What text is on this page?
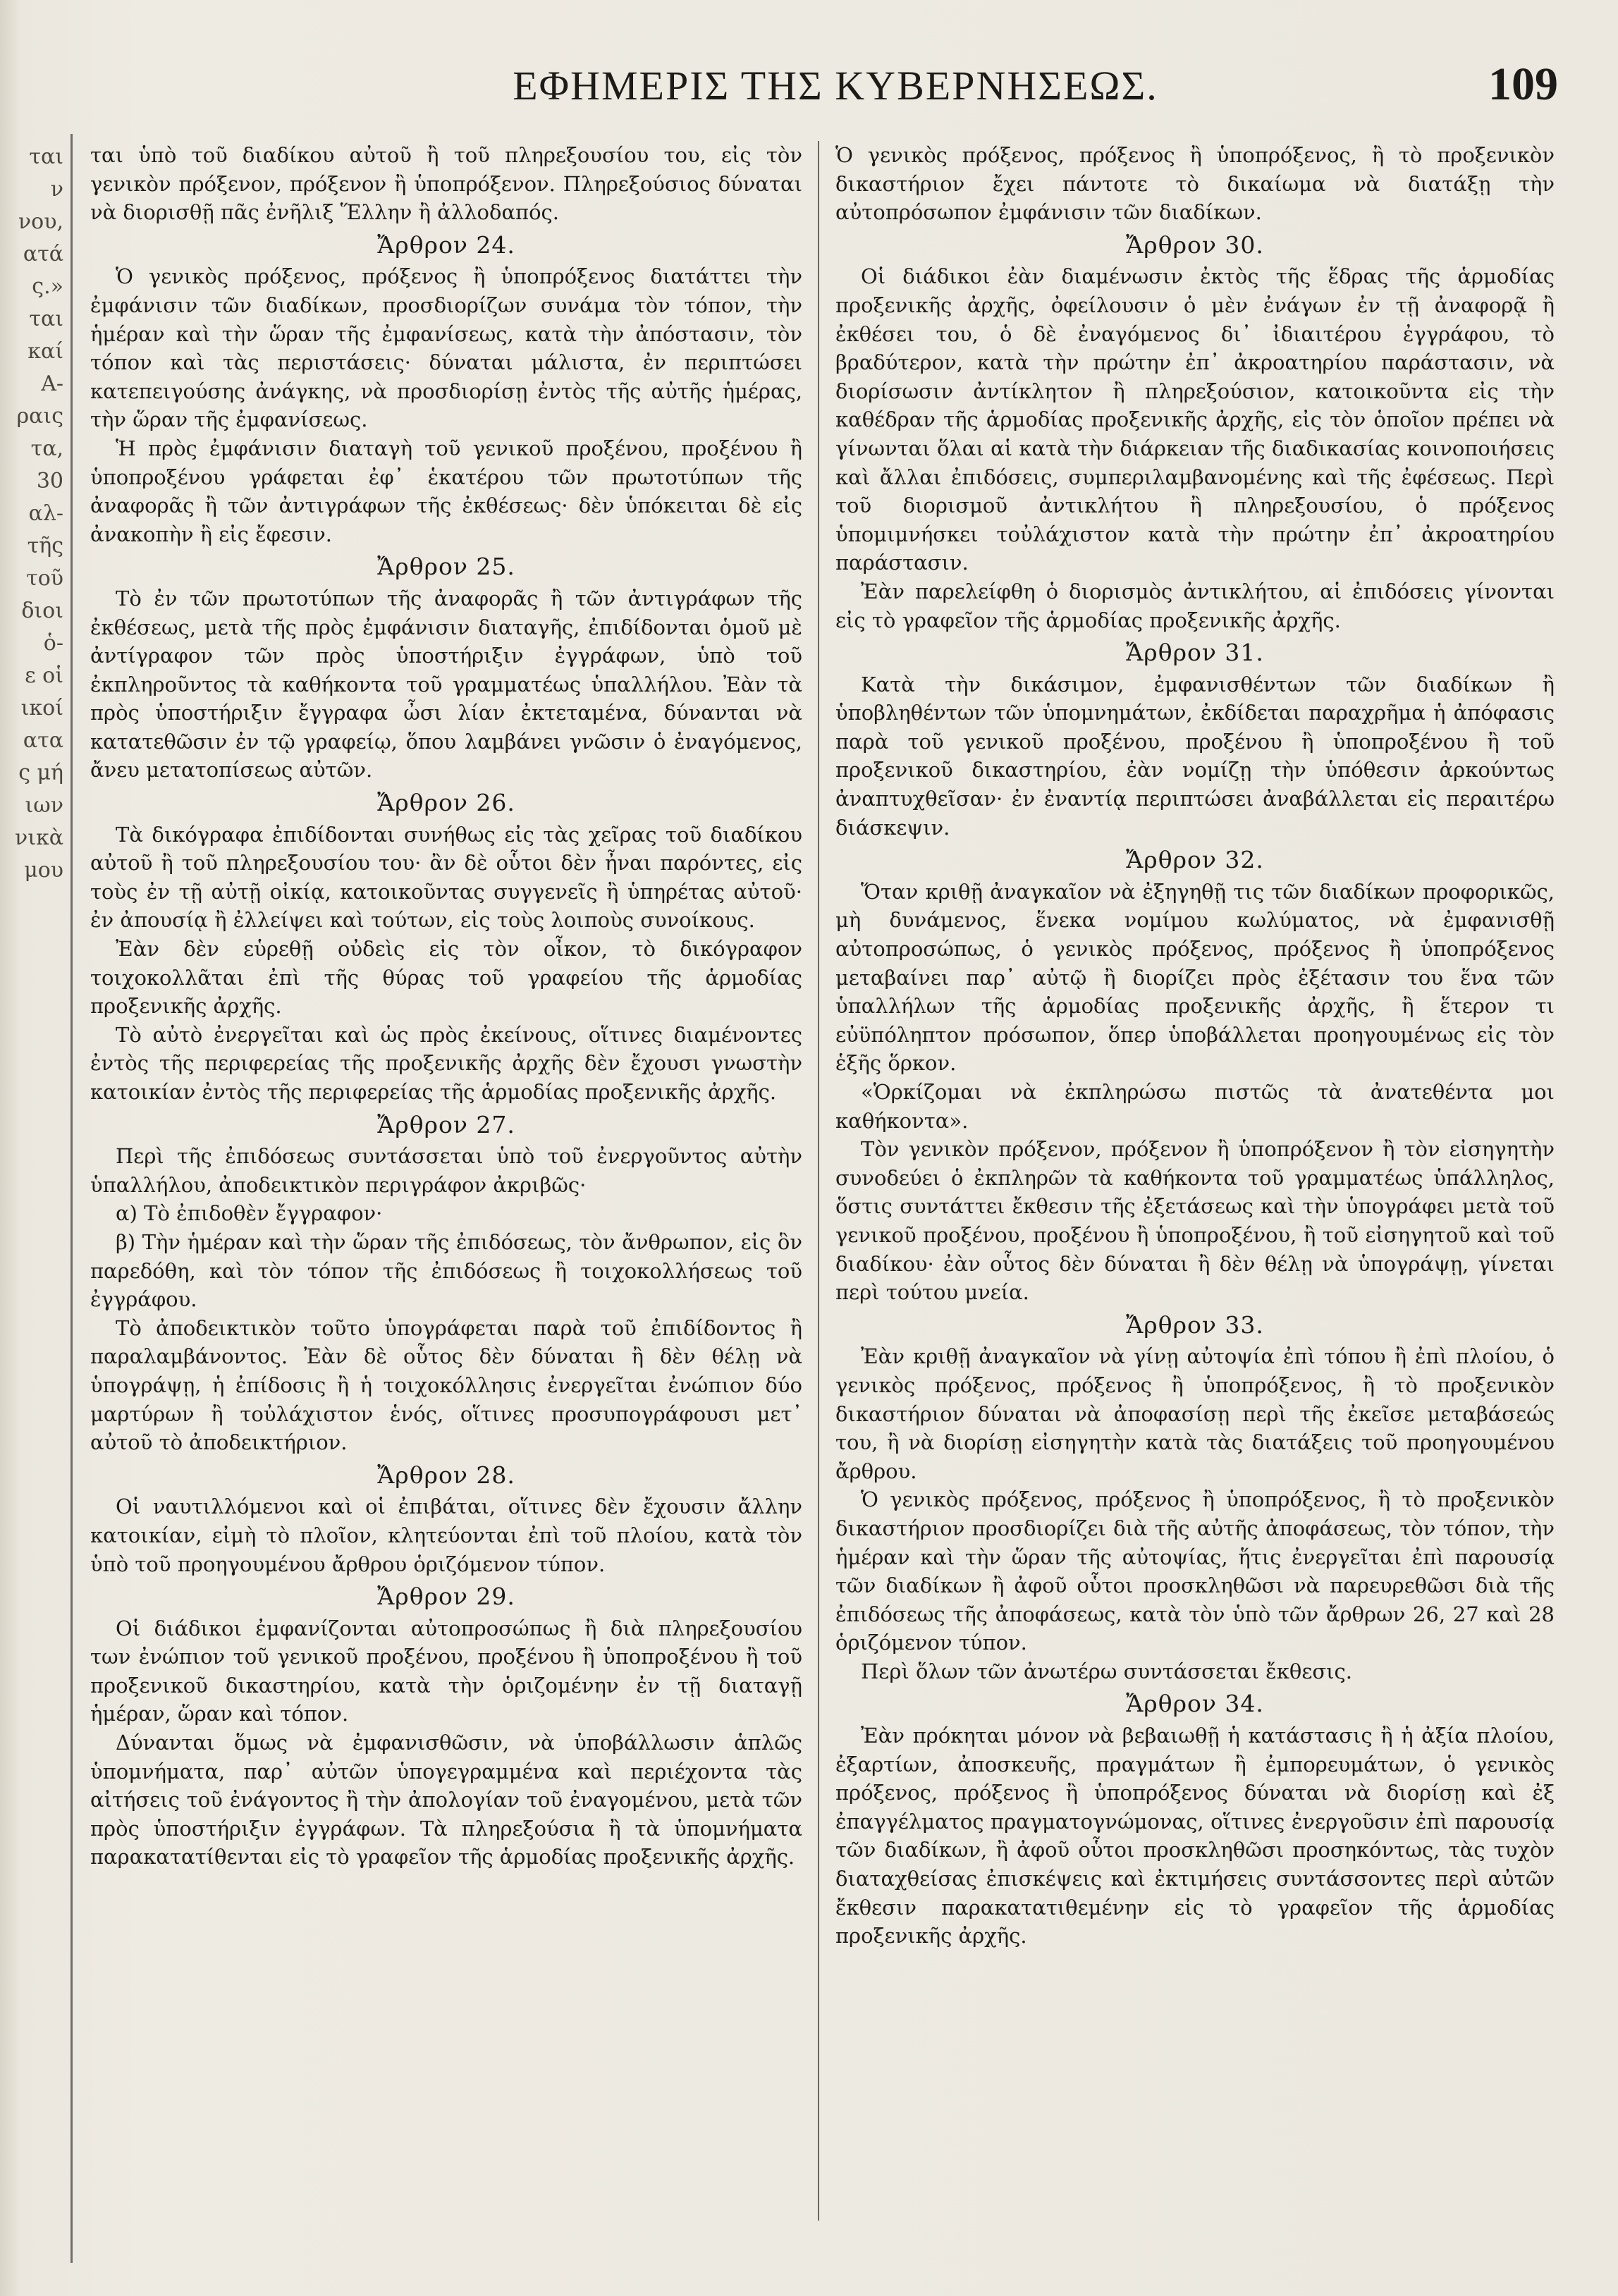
ται
ν
νου,
ατά
ς.»
ται
καί
Α-
ραις
τα,
30
αλ-
τῆς
τοῦ
διοι
ὁ-
ε οἱ
ικοί
ατα
ς μή
ιων
νικὰ
μου
ΕΦΗΜΕΡΙΣ ΤΗΣ ΚΥΒΕΡΝΗΣΕΩΣ.	109

ται ὑπὸ τοῦ διαδίκου αὐτοῦ ἢ τοῦ πληρεξουσίου του, εἰς τὸν γενικὸν πρόξενον, πρόξενον ἢ ὑποπρόξενον. Πληρεξούσιος δύναται νὰ διορισθῇ πᾶς ἐνῆλιξ Ἕλλην ἢ ἀλλοδαπός.

Ἄρθρον 24.

Ὁ γενικὸς πρόξενος, πρόξενος ἢ ὑποπρόξενος διατάττει τὴν ἐμφάνισιν τῶν διαδίκων, προσδιορίζων συνάμα τὸν τόπον, τὴν ἡμέραν καὶ τὴν ὥραν τῆς ἐμφανίσεως, κατὰ τὴν ἀπόστασιν, τὸν τόπον καὶ τὰς περιστάσεις· δύναται μάλιστα, ἐν περιπτώσει κατεπειγούσης ἀνάγκης, νὰ προσδιορίσῃ ἐντὸς τῆς αὐτῆς ἡμέρας, τὴν ὥραν τῆς ἐμφανίσεως.

Ἡ πρὸς ἐμφάνισιν διαταγὴ τοῦ γενικοῦ προξένου, προξένου ἢ ὑποπροξένου γράφεται ἐφ᾽ ἑκατέρου τῶν πρωτοτύπων τῆς ἀναφορᾶς ἢ τῶν ἀντιγράφων τῆς ἐκθέσεως· δὲν ὑπόκειται δὲ εἰς ἀνακοπὴν ἢ εἰς ἔφεσιν.

Ἄρθρον 25.

Τὸ ἐν τῶν πρωτοτύπων τῆς ἀναφορᾶς ἢ τῶν ἀντιγράφων τῆς ἐκθέσεως, μετὰ τῆς πρὸς ἐμφάνισιν διαταγῆς, ἐπιδίδονται ὁμοῦ μὲ ἀντίγραφον τῶν πρὸς ὑποστήριξιν ἐγγράφων, ὑπὸ τοῦ ἐκπληροῦντος τὰ καθήκοντα τοῦ γραμματέως ὑπαλλήλου. Ἐὰν τὰ πρὸς ὑποστήριξιν ἔγγραφα ὦσι λίαν ἐκτεταμένα, δύνανται νὰ κατατεθῶσιν ἐν τῷ γραφείῳ, ὅπου λαμβάνει γνῶσιν ὁ ἐναγόμενος, ἄνευ μετατοπίσεως αὐτῶν.

Ἄρθρον 26.

Τὰ δικόγραφα ἐπιδίδονται συνήθως εἰς τὰς χεῖρας τοῦ διαδίκου αὐτοῦ ἢ τοῦ πληρεξουσίου του· ἂν δὲ οὗτοι δὲν ἦναι παρόντες, εἰς τοὺς ἐν τῇ αὐτῇ οἰκίᾳ, κατοικοῦντας συγγενεῖς ἢ ὑπηρέτας αὐτοῦ· ἐν ἀπουσίᾳ ἢ ἐλλείψει καὶ τούτων, εἰς τοὺς λοιποὺς συνοίκους.

Ἐὰν δὲν εὑρεθῇ οὐδεὶς εἰς τὸν οἶκον, τὸ δικόγραφον τοιχοκολλᾶται ἐπὶ τῆς θύρας τοῦ γραφείου τῆς ἁρμοδίας προξενικῆς ἀρχῆς.

Τὸ αὐτὸ ἐνεργεῖται καὶ ὡς πρὸς ἐκείνους, οἵτινες διαμένοντες ἐντὸς τῆς περιφερείας τῆς προξενικῆς ἀρχῆς δὲν ἔχουσι γνωστὴν κατοικίαν ἐντὸς τῆς περιφερείας τῆς ἁρμοδίας προξενικῆς ἀρχῆς.

Ἄρθρον 27.

Περὶ τῆς ἐπιδόσεως συντάσσεται ὑπὸ τοῦ ἐνεργοῦντος αὐτὴν ὑπαλλήλου, ἀποδεικτικὸν περιγράφον ἀκριβῶς·

α) Τὸ ἐπιδοθὲν ἔγγραφον·

β) Τὴν ἡμέραν καὶ τὴν ὥραν τῆς ἐπιδόσεως, τὸν ἄνθρωπον, εἰς ὃν παρεδόθη, καὶ τὸν τόπον τῆς ἐπιδόσεως ἢ τοιχοκολλήσεως τοῦ ἐγγράφου.

Τὸ ἀποδεικτικὸν τοῦτο ὑπογράφεται παρὰ τοῦ ἐπιδίδοντος ἢ παραλαμβάνοντος. Ἐὰν δὲ οὗτος δὲν δύναται ἢ δὲν θέλῃ νὰ ὑπογράψῃ, ἡ ἐπίδοσις ἢ ἡ τοιχοκόλλησις ἐνεργεῖται ἐνώπιον δύο μαρτύρων ἢ τοὐλάχιστον ἑνός, οἵτινες προσυπογράφουσι μετ᾽ αὐτοῦ τὸ ἀποδεικτήριον.

Ἄρθρον 28.

Οἱ ναυτιλλόμενοι καὶ οἱ ἐπιβάται, οἵτινες δὲν ἔχουσιν ἄλλην κατοικίαν, εἰμὴ τὸ πλοῖον, κλητεύονται ἐπὶ τοῦ πλοίου, κατὰ τὸν ὑπὸ τοῦ προηγουμένου ἄρθρου ὁριζόμενον τύπον.

Ἄρθρον 29.

Οἱ διάδικοι ἐμφανίζονται αὐτοπροσώπως ἢ διὰ πληρεξουσίου των ἐνώπιον τοῦ γενικοῦ προξένου, προξένου ἢ ὑποπροξένου ἢ τοῦ προξενικοῦ δικαστηρίου, κατὰ τὴν ὁριζομένην ἐν τῇ διαταγῇ ἡμέραν, ὥραν καὶ τόπον.

Δύνανται ὅμως νὰ ἐμφανισθῶσιν, νὰ ὑποβάλλωσιν ἁπλῶς ὑπομνήματα, παρ᾽ αὐτῶν ὑπογεγραμμένα καὶ περιέχοντα τὰς αἰτήσεις τοῦ ἐνάγοντος ἢ τὴν ἀπολογίαν τοῦ ἐναγομένου, μετὰ τῶν πρὸς ὑποστήριξιν ἐγγράφων. Τὰ πληρεξούσια ἢ τὰ ὑπομνήματα παρακατατίθενται εἰς τὸ γραφεῖον τῆς ἁρμοδίας προξενικῆς ἀρχῆς.

Ὁ γενικὸς πρόξενος, πρόξενος ἢ ὑποπρόξενος, ἢ τὸ προξενικὸν δικαστήριον ἔχει πάντοτε τὸ δικαίωμα νὰ διατάξῃ τὴν αὐτοπρόσωπον ἐμφάνισιν τῶν διαδίκων.

Ἄρθρον 30.

Οἱ διάδικοι ἐὰν διαμένωσιν ἐκτὸς τῆς ἕδρας τῆς ἁρμοδίας προξενικῆς ἀρχῆς, ὀφείλουσιν ὁ μὲν ἐνάγων ἐν τῇ ἀναφορᾷ ἢ ἐκθέσει του, ὁ δὲ ἐναγόμενος δι᾽ ἰδιαιτέρου ἐγγράφου, τὸ βραδύτερον, κατὰ τὴν πρώτην ἐπ᾽ ἀκροατηρίου παράστασιν, νὰ διορίσωσιν ἀντίκλητον ἢ πληρεξούσιον, κατοικοῦντα εἰς τὴν καθέδραν τῆς ἁρμοδίας προξενικῆς ἀρχῆς, εἰς τὸν ὁποῖον πρέπει νὰ γίνωνται ὅλαι αἱ κατὰ τὴν διάρκειαν τῆς διαδικασίας κοινοποιήσεις καὶ ἄλλαι ἐπιδόσεις, συμπεριλαμβανομένης καὶ τῆς ἐφέσεως. Περὶ τοῦ διορισμοῦ ἀντικλήτου ἢ πληρεξουσίου, ὁ πρόξενος ὑπομιμνήσκει τοὐλάχιστον κατὰ τὴν πρώτην ἐπ᾽ ἀκροατηρίου παράστασιν.

Ἐὰν παρελείφθη ὁ διορισμὸς ἀντικλήτου, αἱ ἐπιδόσεις γίνονται εἰς τὸ γραφεῖον τῆς ἁρμοδίας προξενικῆς ἀρχῆς.

Ἄρθρον 31.

Κατὰ τὴν δικάσιμον, ἐμφανισθέντων τῶν διαδίκων ἢ ὑποβληθέντων τῶν ὑπομνημάτων, ἐκδίδεται παραχρῆμα ἡ ἀπόφασις παρὰ τοῦ γενικοῦ προξένου, προξένου ἢ ὑποπροξένου ἢ τοῦ προξενικοῦ δικαστηρίου, ἐὰν νομίζῃ τὴν ὑπόθεσιν ἀρκούντως ἀναπτυχθεῖσαν· ἐν ἐναντίᾳ περιπτώσει ἀναβάλλεται εἰς περαιτέρω διάσκεψιν.

Ἄρθρον 32.

Ὅταν κριθῇ ἀναγκαῖον νὰ ἐξηγηθῇ τις τῶν διαδίκων προφορικῶς, μὴ δυνάμενος, ἕνεκα νομίμου κωλύματος, νὰ ἐμφανισθῇ αὐτοπροσώπως, ὁ γενικὸς πρόξενος, πρόξενος ἢ ὑποπρόξενος μεταβαίνει παρ᾽ αὐτῷ ἢ διορίζει πρὸς ἐξέτασιν του ἕνα τῶν ὑπαλλήλων τῆς ἁρμοδίας προξενικῆς ἀρχῆς, ἢ ἕτερον τι εὐϋπόληπτον πρόσωπον, ὅπερ ὑποβάλλεται προηγουμένως εἰς τὸν ἑξῆς ὅρκον.

«Ὁρκίζομαι νὰ ἐκπληρώσω πιστῶς τὰ ἀνατεθέντα μοι καθήκοντα».

Τὸν γενικὸν πρόξενον, πρόξενον ἢ ὑποπρόξενον ἢ τὸν εἰσηγητὴν συνοδεύει ὁ ἐκπληρῶν τὰ καθήκοντα τοῦ γραμματέως ὑπάλληλος, ὅστις συντάττει ἔκθεσιν τῆς ἐξετάσεως καὶ τὴν ὑπογράφει μετὰ τοῦ γενικοῦ προξένου, προξένου ἢ ὑποπροξένου, ἢ τοῦ εἰσηγητοῦ καὶ τοῦ διαδίκου· ἐὰν οὗτος δὲν δύναται ἢ δὲν θέλῃ νὰ ὑπογράψῃ, γίνεται περὶ τούτου μνεία.

Ἄρθρον 33.

Ἐὰν κριθῇ ἀναγκαῖον νὰ γίνῃ αὐτοψία ἐπὶ τόπου ἢ ἐπὶ πλοίου, ὁ γενικὸς πρόξενος, πρόξενος ἢ ὑποπρόξενος, ἢ τὸ προξενικὸν δικαστήριον δύναται νὰ ἀποφασίσῃ περὶ τῆς ἐκεῖσε μεταβάσεώς του, ἢ νὰ διορίσῃ εἰσηγητὴν κατὰ τὰς διατάξεις τοῦ προηγουμένου ἄρθρου.

Ὁ γενικὸς πρόξενος, πρόξενος ἢ ὑποπρόξενος, ἢ τὸ προξενικὸν δικαστήριον προσδιορίζει διὰ τῆς αὐτῆς ἀποφάσεως, τὸν τόπον, τὴν ἡμέραν καὶ τὴν ὥραν τῆς αὐτοψίας, ἥτις ἐνεργεῖται ἐπὶ παρουσίᾳ τῶν διαδίκων ἢ ἀφοῦ οὗτοι προσκληθῶσι νὰ παρευρεθῶσι διὰ τῆς ἐπιδόσεως τῆς ἀποφάσεως, κατὰ τὸν ὑπὸ τῶν ἄρθρων 26, 27 καὶ 28 ὁριζόμενον τύπον.

Περὶ ὅλων τῶν ἀνωτέρω συντάσσεται ἔκθεσις.

Ἄρθρον 34.

Ἐὰν πρόκηται μόνον νὰ βεβαιωθῇ ἡ κατάστασις ἢ ἡ ἀξία πλοίου, ἐξαρτίων, ἀποσκευῆς, πραγμάτων ἢ ἐμπορευμάτων, ὁ γενικὸς πρόξενος, πρόξενος ἢ ὑποπρόξενος δύναται νὰ διορίσῃ καὶ ἐξ ἐπαγγέλματος πραγματογνώμονας, οἵτινες ἐνεργοῦσιν ἐπὶ παρουσίᾳ τῶν διαδίκων, ἢ ἀφοῦ οὗτοι προσκληθῶσι προσηκόντως, τὰς τυχὸν διαταχθείσας ἐπισκέψεις καὶ ἐκτιμήσεις συντάσσοντες περὶ αὐτῶν ἔκθεσιν παρακατατιθεμένην εἰς τὸ γραφεῖον τῆς ἁρμοδίας προξενικῆς ἀρχῆς.
